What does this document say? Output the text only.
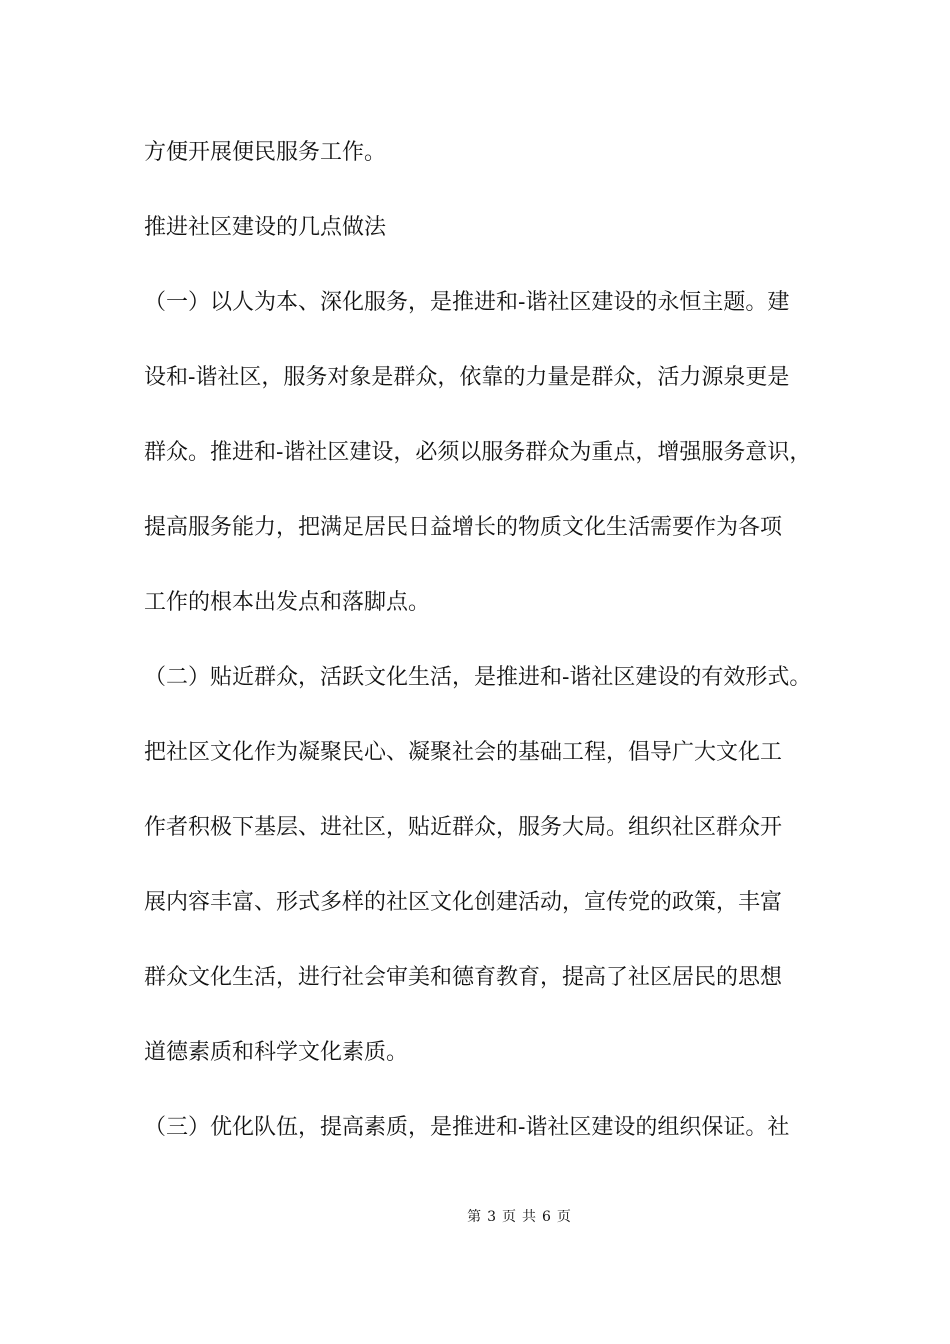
方便开展便民服务工作。
推进社区建设的几点做法
（一）以人为本、深化服务，是推进和-谐社区建设的永恒主题。建
设和-谐社区，服务对象是群众，依靠的力量是群众，活力源泉更是
群众。推进和-谐社区建设，必须以服务群众为重点，增强服务意识，
提高服务能力，把满足居民日益增长的物质文化生活需要作为各项
工作的根本出发点和落脚点。
（二）贴近群众，活跃文化生活，是推进和-谐社区建设的有效形式。
把社区文化作为凝聚民心、凝聚社会的基础工程，倡导广大文化工
作者积极下基层、进社区，贴近群众，服务大局。组织社区群众开
展内容丰富、形式多样的社区文化创建活动，宣传党的政策，丰富
群众文化生活，进行社会审美和德育教育，提高了社区居民的思想
道德素质和科学文化素质。
（三）优化队伍，提高素质，是推进和-谐社区建设的组织保证。社
第 3 页 共 6 页
